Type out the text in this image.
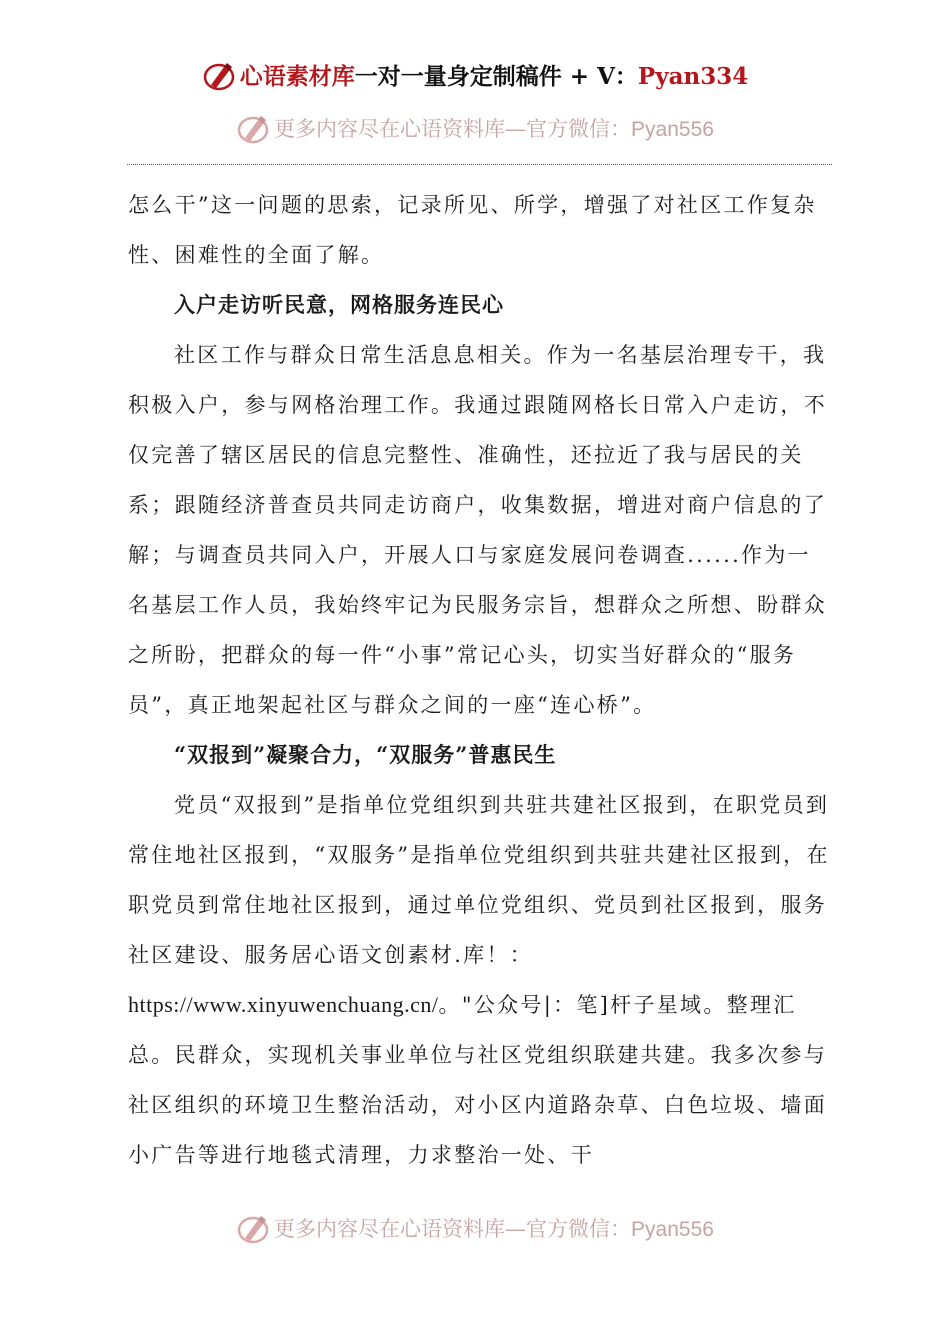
心语素材库一对一量身定制稿件 + V：Pyan334
更多内容尽在心语资料库—官方微信：Pyan556

怎么干”这一问题的思索，记录所见、所学，增强了对社区工作复杂性、困难性的全面了解。

入户走访听民意，网格服务连民心

社区工作与群众日常生活息息相关。作为一名基层治理专干，我积极入户，参与网格治理工作。我通过跟随网格长日常入户走访，不仅完善了辖区居民的信息完整性、准确性，还拉近了我与居民的关系；跟随经济普查员共同走访商户，收集数据，增进对商户信息的了解；与调查员共同入户，开展人口与家庭发展问卷调查......作为一名基层工作人员，我始终牢记为民服务宗旨，想群众之所想、盼群众之所盼，把群众的每一件“小事”常记心头，切实当好群众的“服务员”，真正地架起社区与群众之间的一座“连心桥”。

“双报到”凝聚合力，“双服务”普惠民生

党员“双报到”是指单位党组织到共驻共建社区报到，在职党员到常住地社区报到，“双服务”是指单位党组织到共驻共建社区报到，在职党员到常住地社区报到，通过单位党组织、党员到社区报到，服务社区建设、服务居心语文创素材.库！：https://www.xinyuwenchuang.cn/。"公众号|：笔]杆子星域。整理汇总。民群众，实现机关事业单位与社区党组织联建共建。我多次参与社区组织的环境卫生整治活动，对小区内道路杂草、白色垃圾、墙面小广告等进行地毯式清理，力求整治一处、干

更多内容尽在心语资料库—官方微信：Pyan556
